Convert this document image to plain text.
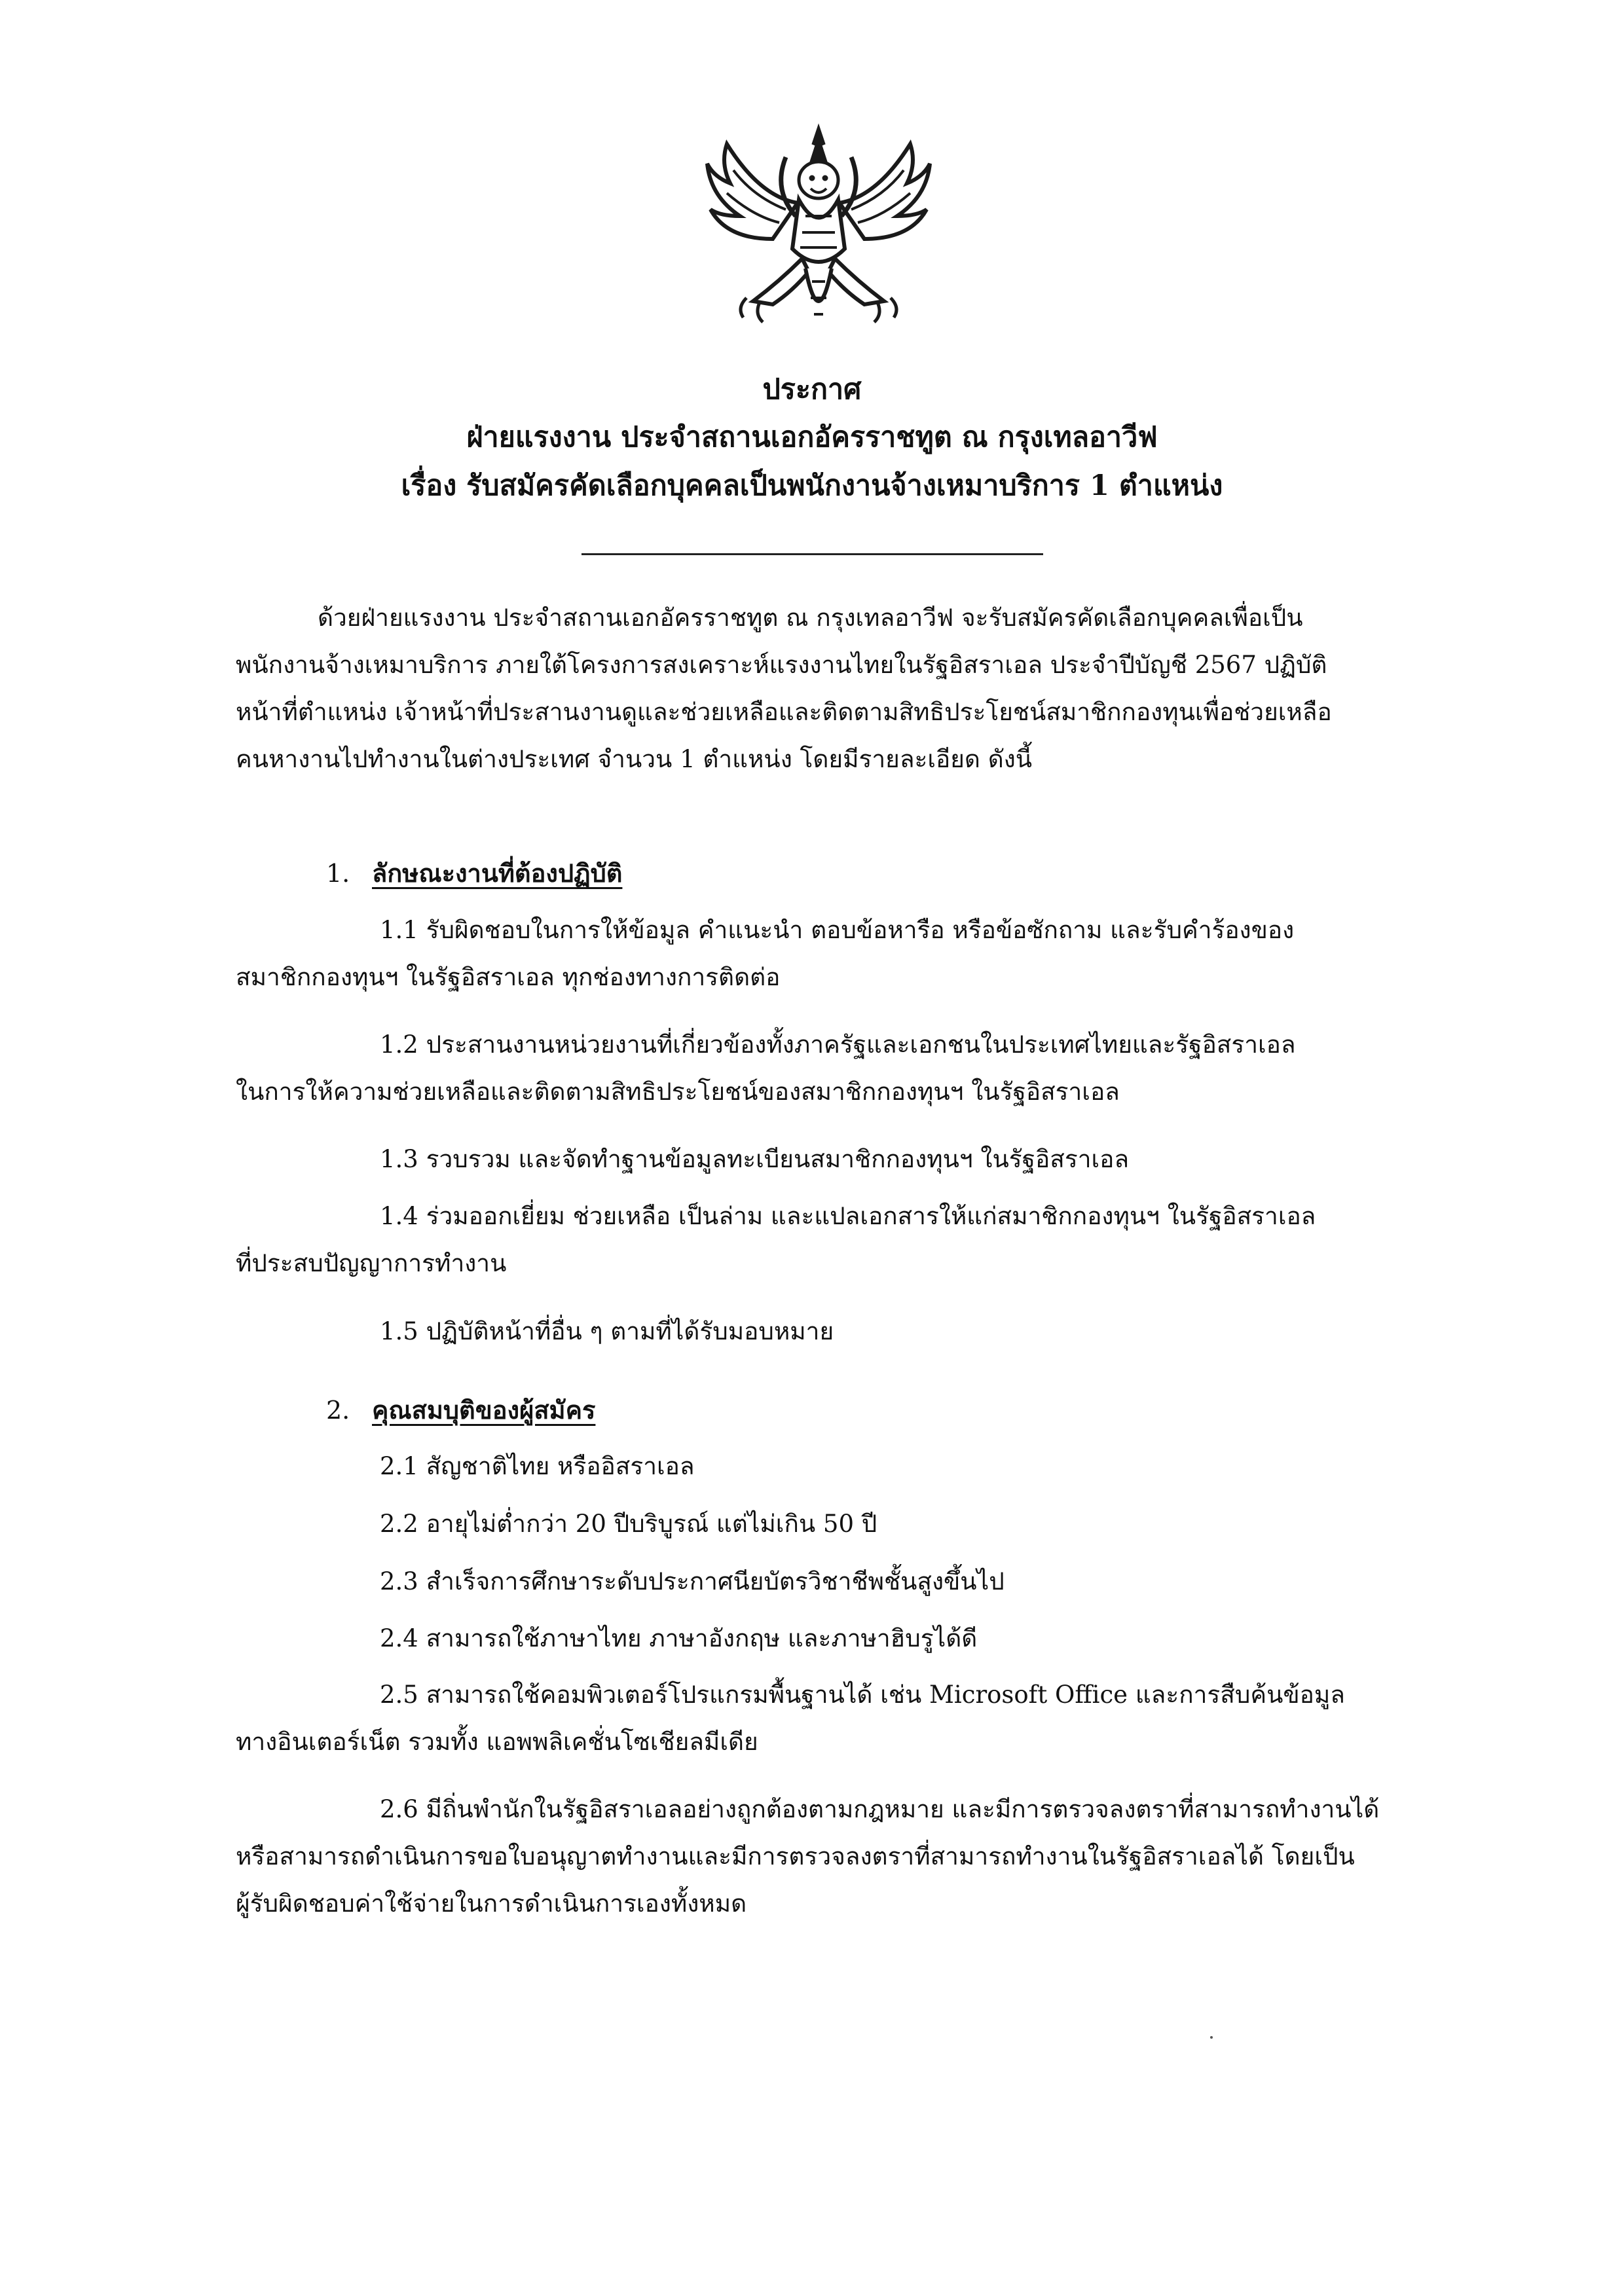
ประกาศ
ฝ่ายแรงงาน ประจำสถานเอกอัครราชทูต ณ กรุงเทลอาวีฟ
เรื่อง รับสมัครคัดเลือกบุคคลเป็นพนักงานจ้างเหมาบริการ 1 ตำแหน่ง
ด้วยฝ่ายแรงงาน ประจำสถานเอกอัครราชทูต ณ กรุงเทลอาวีฟ จะรับสมัครคัดเลือกบุคคลเพื่อเป็น
พนักงานจ้างเหมาบริการ ภายใต้โครงการสงเคราะห์แรงงานไทยในรัฐอิสราเอล ประจำปีบัญชี 2567 ปฏิบัติ
หน้าที่ตำแหน่ง เจ้าหน้าที่ประสานงานดูและช่วยเหลือและติดตามสิทธิประโยชน์สมาชิกกองทุนเพื่อช่วยเหลือ
คนหางานไปทำงานในต่างประเทศ จำนวน 1 ตำแหน่ง โดยมีรายละเอียด ดังนี้
1. ลักษณะงานที่ต้องปฏิบัติ
1.1 รับผิดชอบในการให้ข้อมูล คำแนะนำ ตอบข้อหารือ หรือข้อซักถาม และรับคำร้องของ
สมาชิกกองทุนฯ ในรัฐอิสราเอล ทุกช่องทางการติดต่อ
1.2 ประสานงานหน่วยงานที่เกี่ยวข้องทั้งภาครัฐและเอกชนในประเทศไทยและรัฐอิสราเอล
ในการให้ความช่วยเหลือและติดตามสิทธิประโยชน์ของสมาชิกกองทุนฯ ในรัฐอิสราเอล
1.3 รวบรวม และจัดทำฐานข้อมูลทะเบียนสมาชิกกองทุนฯ ในรัฐอิสราเอล
1.4 ร่วมออกเยี่ยม ช่วยเหลือ เป็นล่าม และแปลเอกสารให้แก่สมาชิกกองทุนฯ ในรัฐอิสราเอล
ที่ประสบปัญญาการทำงาน
1.5 ปฏิบัติหน้าที่อื่น ๆ ตามที่ได้รับมอบหมาย
2. คุณสมบุติของผู้สมัคร
2.1 สัญชาติไทย หรืออิสราเอล
2.2 อายุไม่ต่ำกว่า 20 ปีบริบูรณ์ แต่ไม่เกิน 50 ปี
2.3 สำเร็จการศึกษาระดับประกาศนียบัตรวิชาชีพชั้นสูงขึ้นไป
2.4 สามารถใช้ภาษาไทย ภาษาอังกฤษ และภาษาฮิบรูได้ดี
2.5 สามารถใช้คอมพิวเตอร์โปรแกรมพื้นฐานได้ เช่น Microsoft Office และการสืบค้นข้อมูล
ทางอินเตอร์เน็ต รวมทั้ง แอพพลิเคชั่นโซเชียลมีเดีย
2.6 มีถิ่นพำนักในรัฐอิสราเอลอย่างถูกต้องตามกฎหมาย และมีการตรวจลงตราที่สามารถทำงานได้
หรือสามารถดำเนินการขอใบอนุญาตทำงานและมีการตรวจลงตราที่สามารถทำงานในรัฐอิสราเอลได้ โดยเป็น
ผู้รับผิดชอบค่าใช้จ่ายในการดำเนินการเองทั้งหมด
